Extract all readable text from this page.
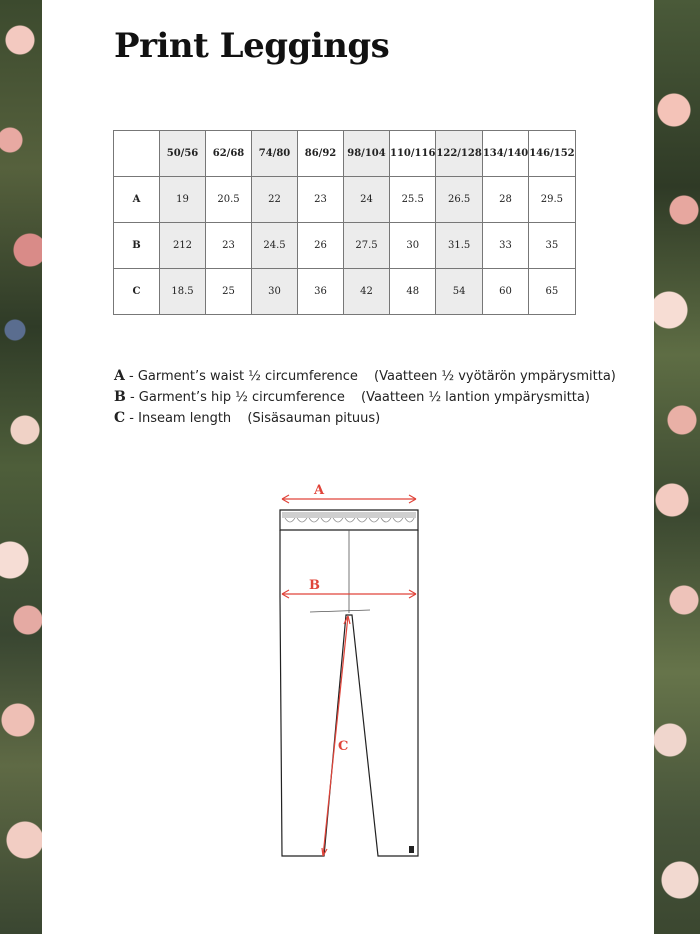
Print Leggings
	50/56	62/68	74/80	86/92	98/104	110/116	122/128	134/140	146/152
A	19	20.5	22	23	24	25.5	26.5	28	29.5
B	212	23	24.5	26	27.5	30	31.5	33	35
C	18.5	25	30	36	42	48	54	60	65
A - Garment’s waist ½ circumference (Vaatteen ½ vyötärön ympärysmitta)
B - Garment’s hip ½ circumference (Vaatteen ½ lantion ympärysmitta)
C - Inseam length (Sisäsauman pituus)
A
B
C
